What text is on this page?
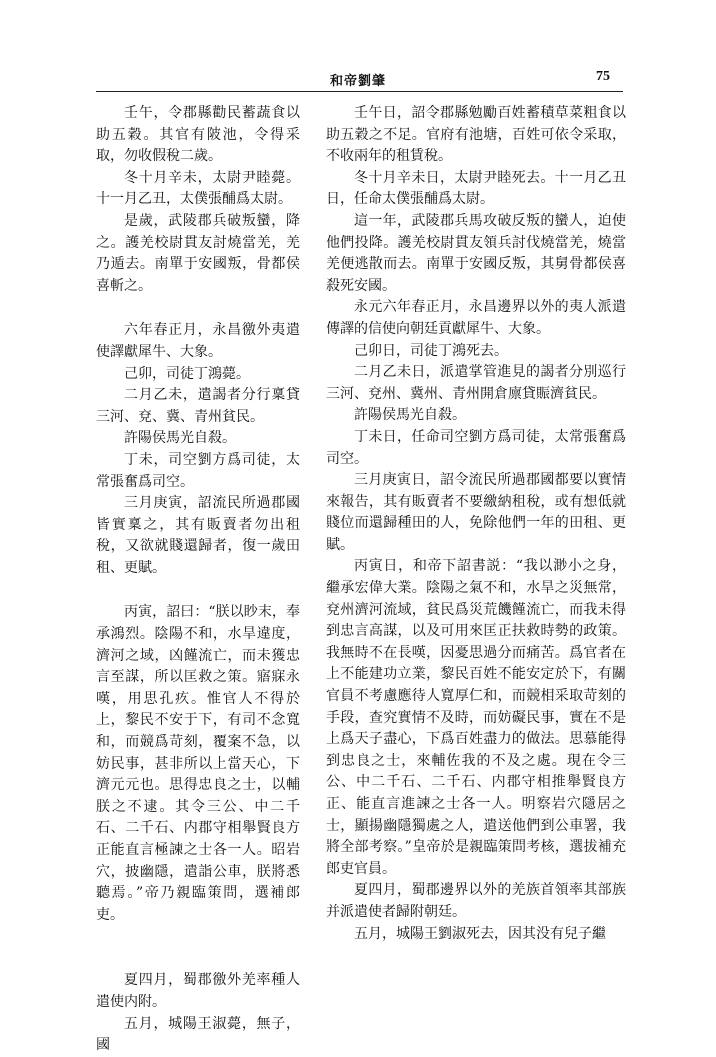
和帝劉肇	75

壬午，令郡縣勸民蓄蔬食以助五穀。其官有陂池，令得采取，勿收假稅二歲。

冬十月辛未，太尉尹睦薨。十一月乙丑，太僕張酺爲太尉。

是歲，武陵郡兵破叛蠻，降之。護羌校尉貫友討燒當羌，羌乃遁去。南單于安國叛，骨都侯喜斬之。

六年春正月，永昌徼外夷遣使譯獻犀牛、大象。

己卯，司徒丁鴻薨。

二月乙未，遣謁者分行稟貸三河、兗、冀、青州貧民。

許陽侯馬光自殺。

丁未，司空劉方爲司徒，太常張奮爲司空。

三月庚寅，詔流民所過郡國皆實稟之，其有販賣者勿出租稅，又欲就賤還歸者，復一歲田租、更賦。

丙寅，詔曰：“朕以眇末，奉承鴻烈。陰陽不和，水旱違度，濟河之域，凶饉流亡，而未獲忠言至謀，所以匡救之策。寤寐永嘆，用思孔疚。惟官人不得於上，黎民不安于下，有司不念寬和，而競爲苛刻，覆案不急，以妨民事，甚非所以上當天心，下濟元元也。思得忠良之士，以輔朕之不逮。其令三公、中二千石、二千石、内郡守相舉賢良方正能直言極諫之士各一人。昭岩穴，披幽隱，遣詣公車，朕將悉聽焉。”帝乃親臨策問，選補郎吏。

夏四月，蜀郡徼外羌率種人遣使内附。

五月，城陽王淑薨，無子，國

壬午日，詔令郡縣勉勵百姓蓄積草菜粗食以助五穀之不足。官府有池塘，百姓可依令采取，不收兩年的租賃稅。

冬十月辛未日，太尉尹睦死去。十一月乙丑日，任命太僕張酺爲太尉。

這一年，武陵郡兵馬攻破反叛的蠻人，迫使他們投降。護羌校尉貫友領兵討伐燒當羌，燒當羌便逃散而去。南單于安國反叛，其舅骨都侯喜殺死安國。

永元六年春正月，永昌邊界以外的夷人派遣傳譯的信使向朝廷貢獻犀牛、大象。

己卯日，司徒丁鴻死去。

二月乙未日，派遣掌管進見的謁者分別巡行三河、兗州、冀州、青州開倉廪貸賑濟貧民。

許陽侯馬光自殺。

丁未日，任命司空劉方爲司徒，太常張奮爲司空。

三月庚寅日，詔令流民所過郡國都要以實情來報告，其有販賣者不要繳納租稅，或有想低就賤位而還歸種田的人，免除他們一年的田租、更賦。

丙寅日，和帝下詔書説：“我以渺小之身，繼承宏偉大業。陰陽之氣不和，水旱之災無常，兗州濟河流域，貧民爲災荒饑饉流亡，而我未得到忠言高謀，以及可用來匡正扶救時勢的政策。我無時不在長嘆，因憂思過分而痛苦。爲官者在上不能建功立業，黎民百姓不能安定於下，有關官員不考慮應待人寬厚仁和，而競相采取苛刻的手段，查究實情不及時，而妨礙民事，實在不是上爲天子盡心，下爲百姓盡力的做法。思慕能得到忠良之士，來輔佐我的不及之處。現在令三公、中二千石、二千石、内郡守相推舉賢良方正、能直言進諫之士各一人。明察岩穴隱居之士，顯揚幽隱獨處之人，遣送他們到公車署，我將全部考察。”皇帝於是親臨策問考核，選拔補充郎吏官員。

夏四月，蜀郡邊界以外的羌族首領率其部族并派遣使者歸附朝廷。

五月，城陽王劉淑死去，因其没有兒子繼
